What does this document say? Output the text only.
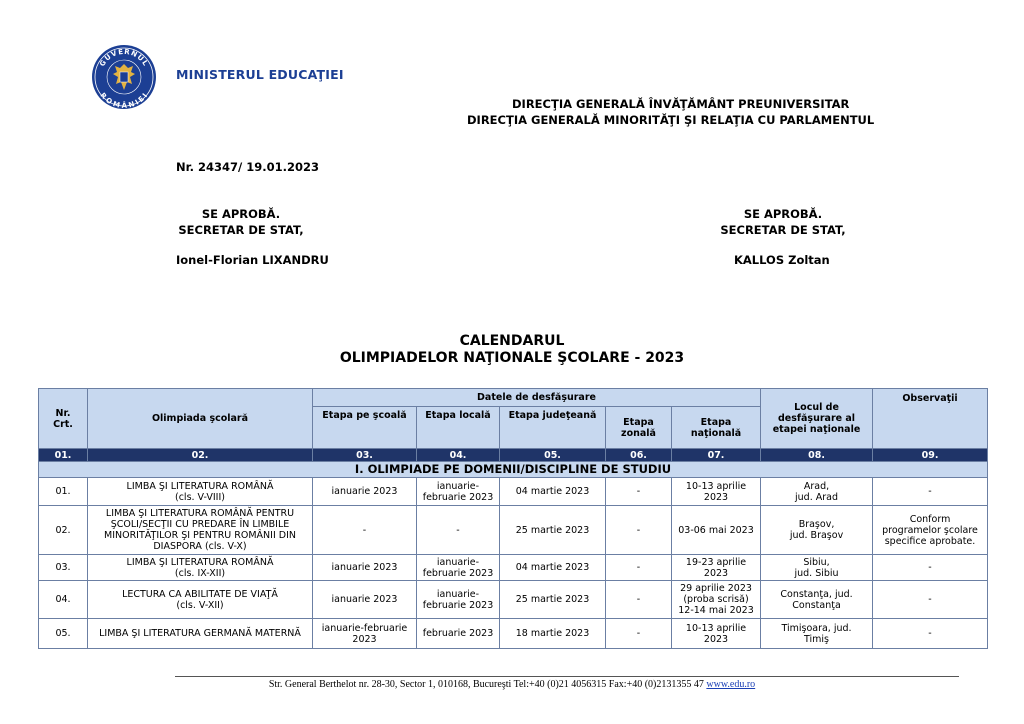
GUVERNUL
ROMÂNIEI
MINISTERUL EDUCAŢIEI
DIRECŢIA GENERALĂ ÎNVĂŢĂMÂNT PREUNIVERSITAR
DIRECŢIA GENERALĂ MINORITĂŢI ŞI RELAŢIA CU PARLAMENTUL
Nr. 24347/ 19.01.2023
SE APROBĂ.
SECRETAR DE STAT,
SE APROBĂ.
SECRETAR DE STAT,
Ionel-Florian LIXANDRU	KALLOS Zoltan
CALENDARUL
OLIMPIADELOR NAŢIONALE ŞCOLARE - 2023
Nr.
Crt.	Olimpiada şcolară	Datele de desfăşurare					Locul de
desfăşurare al
etapei naţionale	Observaţii
		Etapa pe şcoală	Etapa locală	Etapa judeţeană	Etapa
zonală	Etapa
naţională		
01.	02.	03.	04.	05.	06.	07.	08.	09.
I. OLIMPIADE PE DOMENII/DISCIPLINE DE STUDIU								
01.	LIMBA ŞI LITERATURA ROMÂNĂ
(cls. V-VIII)	ianuarie 2023	ianuarie-
februarie 2023	04 martie 2023	-	10-13 aprilie
2023	Arad,
jud. Arad	-
02.	LIMBA ŞI LITERATURA ROMÂNĂ PENTRU
ŞCOLI/SECŢII CU PREDARE ÎN LIMBILE
MINORITĂŢILOR ŞI PENTRU ROMÂNII DIN
DIASPORA (cls. V-X)	-	-	25 martie 2023	-	03-06 mai 2023	Braşov,
jud. Braşov	Conform
programelor şcolare
specifice aprobate.
03.	LIMBA ŞI LITERATURA ROMÂNĂ
(cls. IX-XII)	ianuarie 2023	ianuarie-
februarie 2023	04 martie 2023	-	19-23 aprilie
2023	Sibiu,
jud. Sibiu	-
04.	LECTURA CA ABILITATE DE VIAŢĂ
(cls. V-XII)	ianuarie 2023	ianuarie-
februarie 2023	25 martie 2023	-	29 aprilie 2023
(proba scrisă)
12-14 mai 2023	Constanţa, jud.
Constanţa	-
05.	LIMBA ŞI LITERATURA GERMANĂ MATERNĂ	ianuarie-februarie
2023	februarie 2023	18 martie 2023	-	10-13 aprilie
2023	Timişoara, jud.
Timiş	-
Str. General Berthelot nr. 28-30, Sector 1, 010168, Bucureşti Tel:+40 (0)21 4056315 Fax:+40 (0)2131355 47 www.edu.ro
